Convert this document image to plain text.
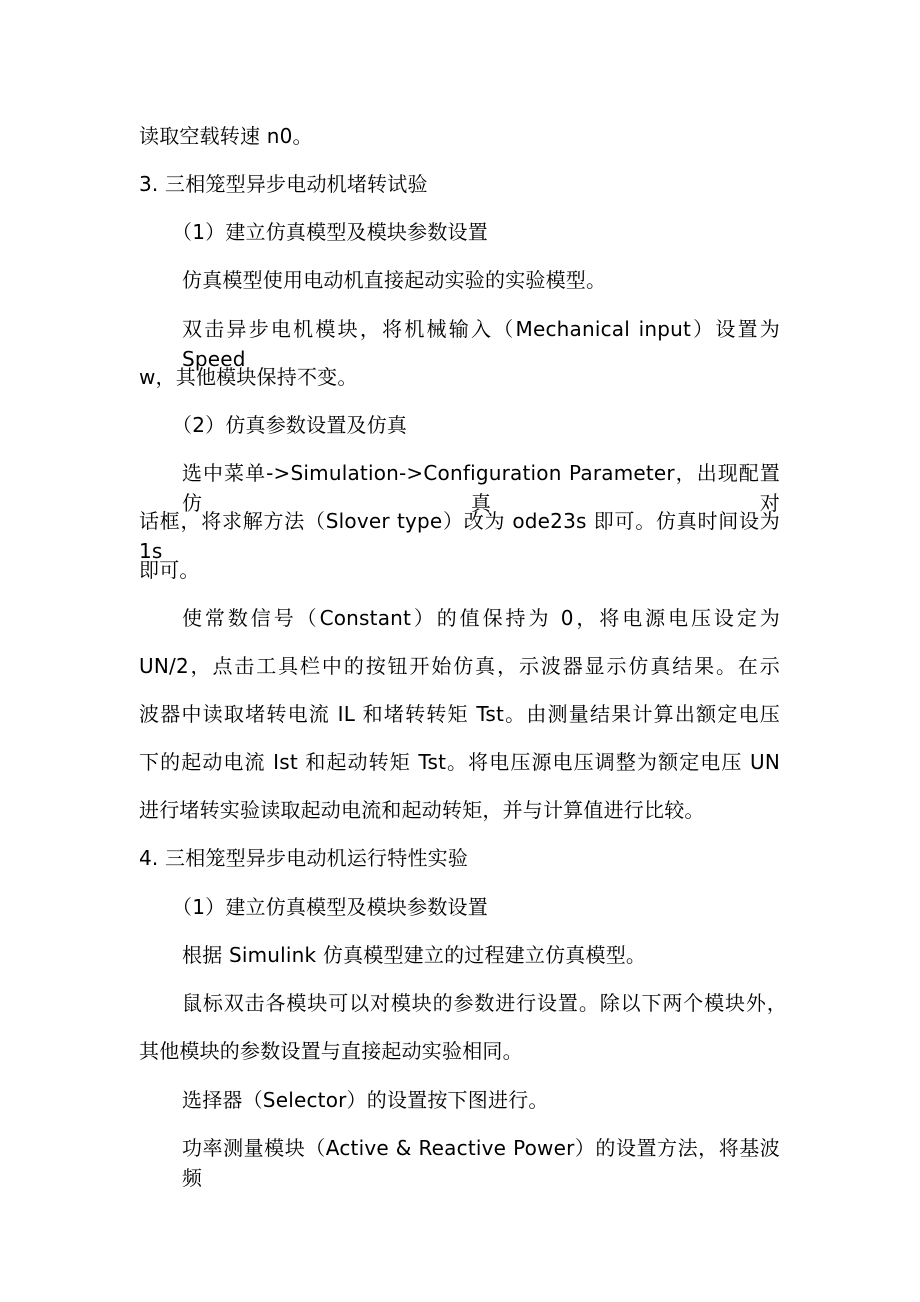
读取空载转速 n0。
3. 三相笼型异步电动机堵转试验
（1）建立仿真模型及模块参数设置
仿真模型使用电动机直接起动实验的实验模型。
双击异步电机模块，将机械输入（Mechanical input）设置为 Speed
w，其他模块保持不变。
（2）仿真参数设置及仿真
选中菜单->Simulation->Configuration Parameter，出现配置仿真对
话框，将求解方法（Slover type）改为 ode23s 即可。仿真时间设为 1s
即可。
使常数信号（Constant）的值保持为 0，将电源电压设定为
UN/2，点击工具栏中的按钮开始仿真，示波器显示仿真结果。在示
波器中读取堵转电流 IL 和堵转转矩 Tst。由测量结果计算出额定电压
下的起动电流 Ist 和起动转矩 Tst。将电压源电压调整为额定电压 UN
进行堵转实验读取起动电流和起动转矩，并与计算值进行比较。
4. 三相笼型异步电动机运行特性实验
（1）建立仿真模型及模块参数设置
根据 Simulink 仿真模型建立的过程建立仿真模型。
鼠标双击各模块可以对模块的参数进行设置。除以下两个模块外，
其他模块的参数设置与直接起动实验相同。
选择器（Selector）的设置按下图进行。
功率测量模块（Active & Reactive Power）的设置方法，将基波频
